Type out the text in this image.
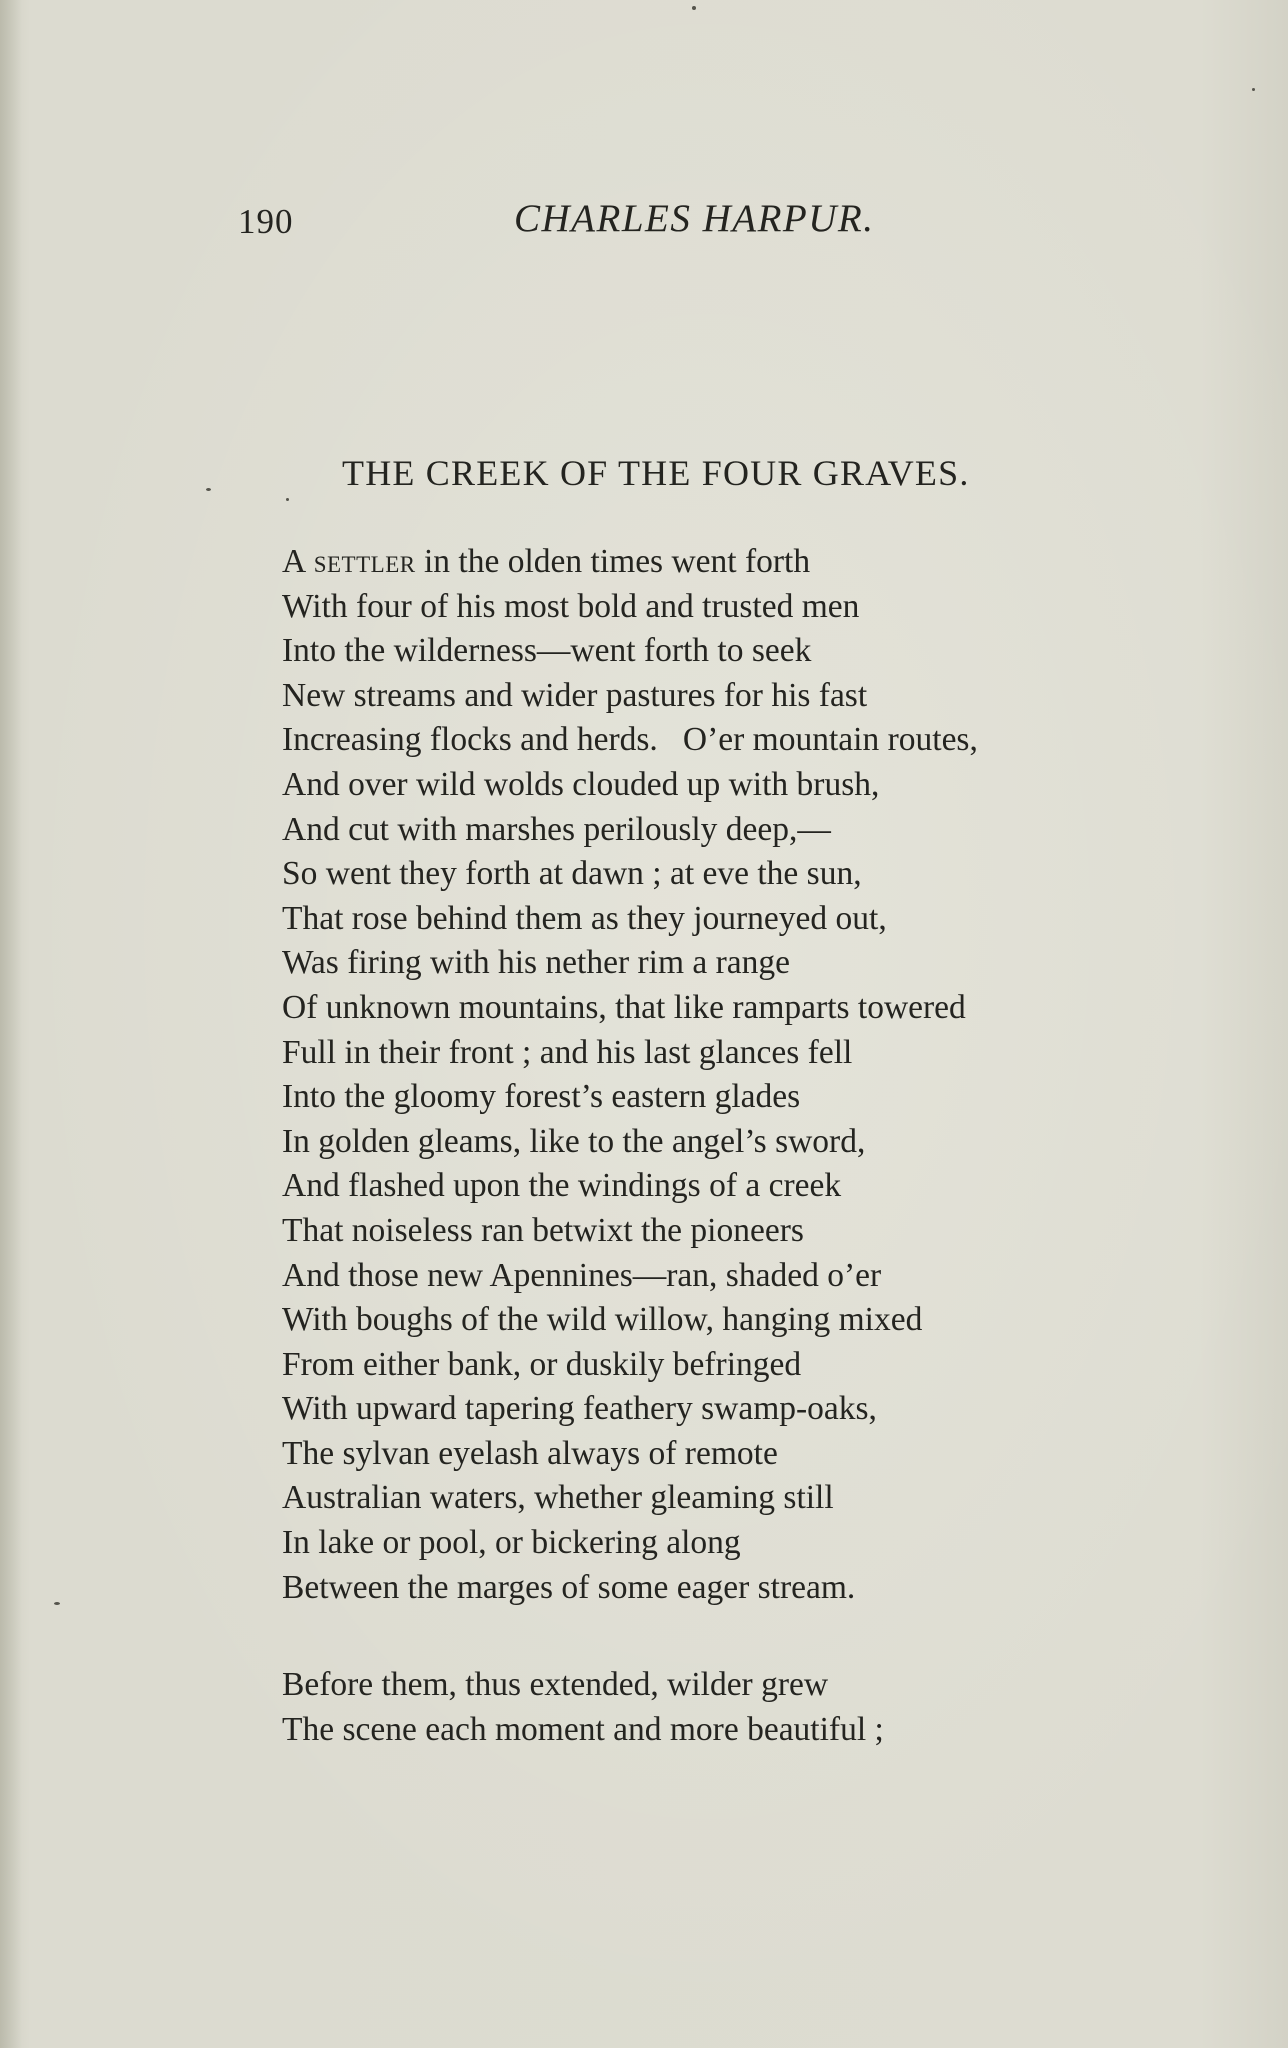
190	CHARLES HARPUR.
THE CREEK OF THE FOUR GRAVES.
A settler in the olden times went forth
With four of his most bold and trusted men
Into the wilderness—went forth to seek
New streams and wider pastures for his fast
Increasing flocks and herds.   O’er mountain routes,
And over wild wolds clouded up with brush,
And cut with marshes perilously deep,—
So went they forth at dawn ; at eve the sun,
That rose behind them as they journeyed out,
Was firing with his nether rim a range
Of unknown mountains, that like ramparts towered
Full in their front ; and his last glances fell
Into the gloomy forest’s eastern glades
In golden gleams, like to the angel’s sword,
And flashed upon the windings of a creek
That noiseless ran betwixt the pioneers
And those new Apennines—ran, shaded o’er
With boughs of the wild willow, hanging mixed
From either bank, or duskily befringed
With upward tapering feathery swamp-oaks,
The sylvan eyelash always of remote
Australian waters, whether gleaming still
In lake or pool, or bickering along
Between the marges of some eager stream.
Before them, thus extended, wilder grew
The scene each moment and more beautiful ;
